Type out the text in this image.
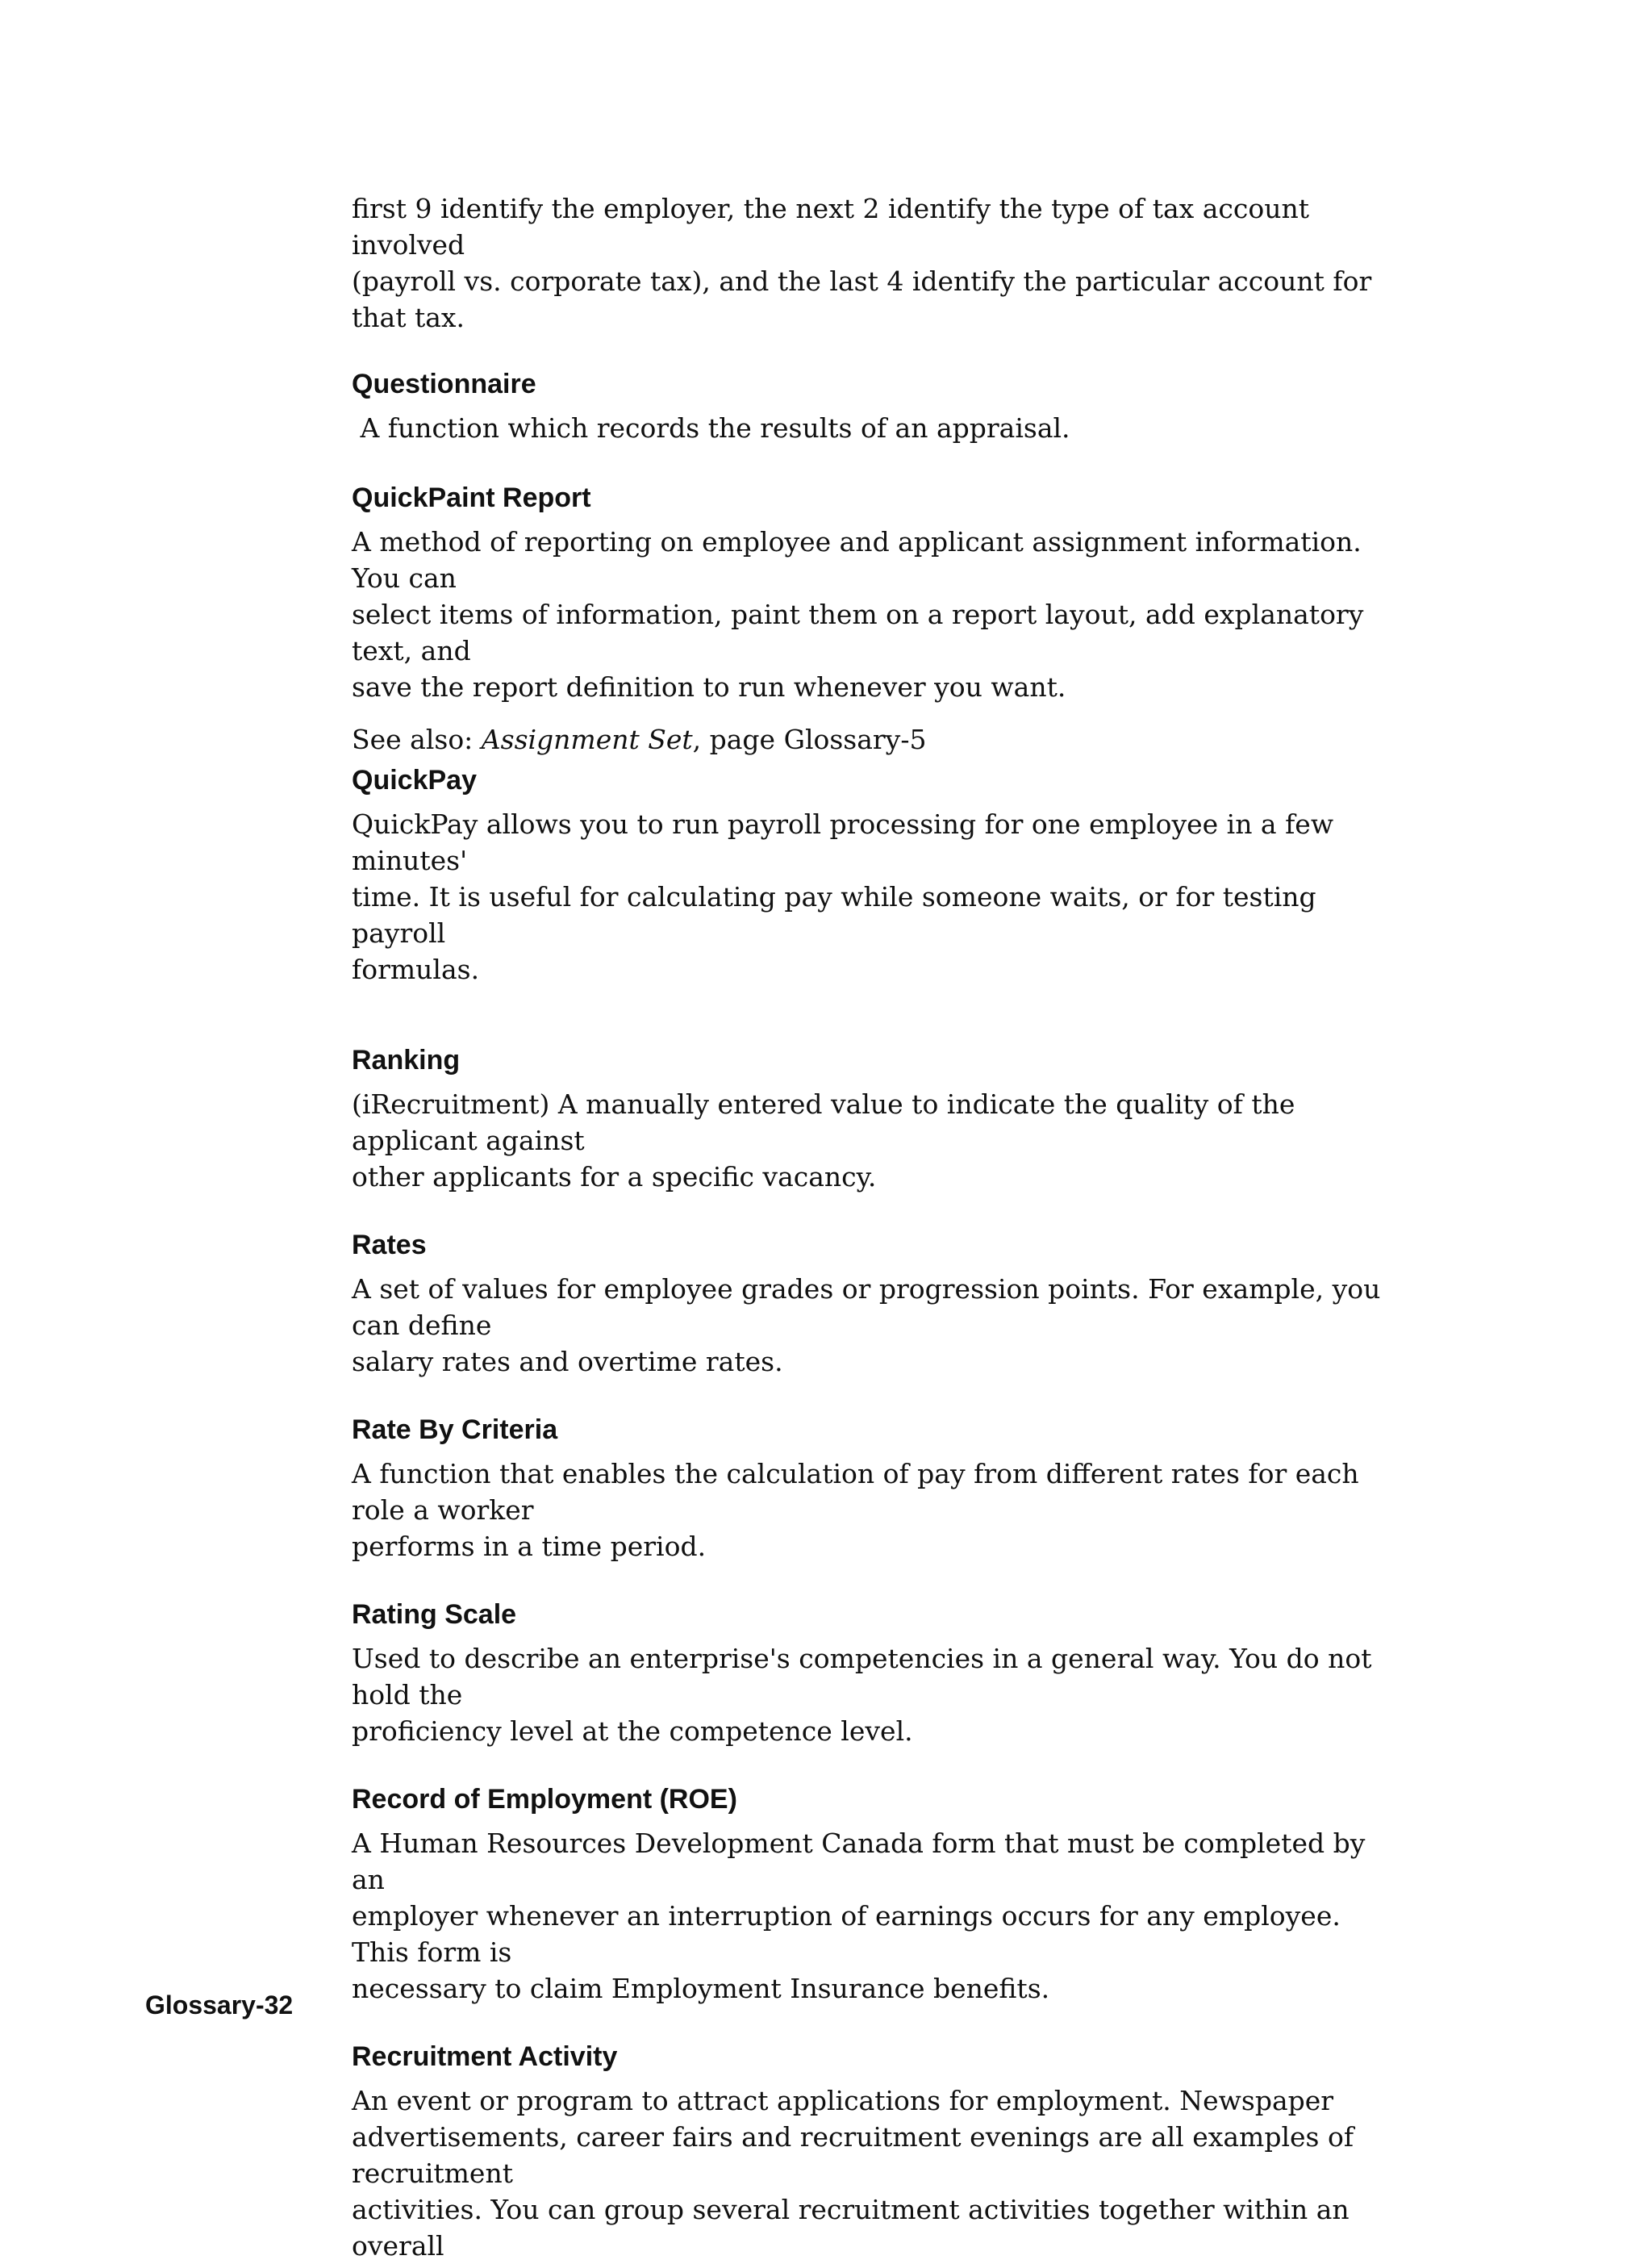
first 9 identify the employer, the next 2 identify the type of tax account involved

(payroll vs. corporate tax), and the last 4 identify the particular account for that tax.

Questionnaire

A function which records the results of an appraisal.

QuickPaint Report

A method of reporting on employee and applicant assignment information. You can

select items of information, paint them on a report layout, add explanatory text, and

save the report definition to run whenever you want.

See also: Assignment Set, page Glossary-5

QuickPay

QuickPay allows you to run payroll processing for one employee in a few minutes'

time. It is useful for calculating pay while someone waits, or for testing payroll

formulas.

Ranking

(iRecruitment) A manually entered value to indicate the quality of the applicant against

other applicants for a specific vacancy.

Rates

A set of values for employee grades or progression points. For example, you can define

salary rates and overtime rates.

Rate By Criteria

A function that enables the calculation of pay from different rates for each role a worker

performs in a time period.

Rating Scale

Used to describe an enterprise's competencies in a general way. You do not hold the

proficiency level at the competence level.

Record of Employment (ROE)

A Human Resources Development Canada form that must be completed by an

employer whenever an interruption of earnings occurs for any employee. This form is

necessary to claim Employment Insurance benefits.

Recruitment Activity

An event or program to attract applications for employment. Newspaper

advertisements, career fairs and recruitment evenings are all examples of recruitment

activities. You can group several recruitment activities together within an overall

Glossary-32
